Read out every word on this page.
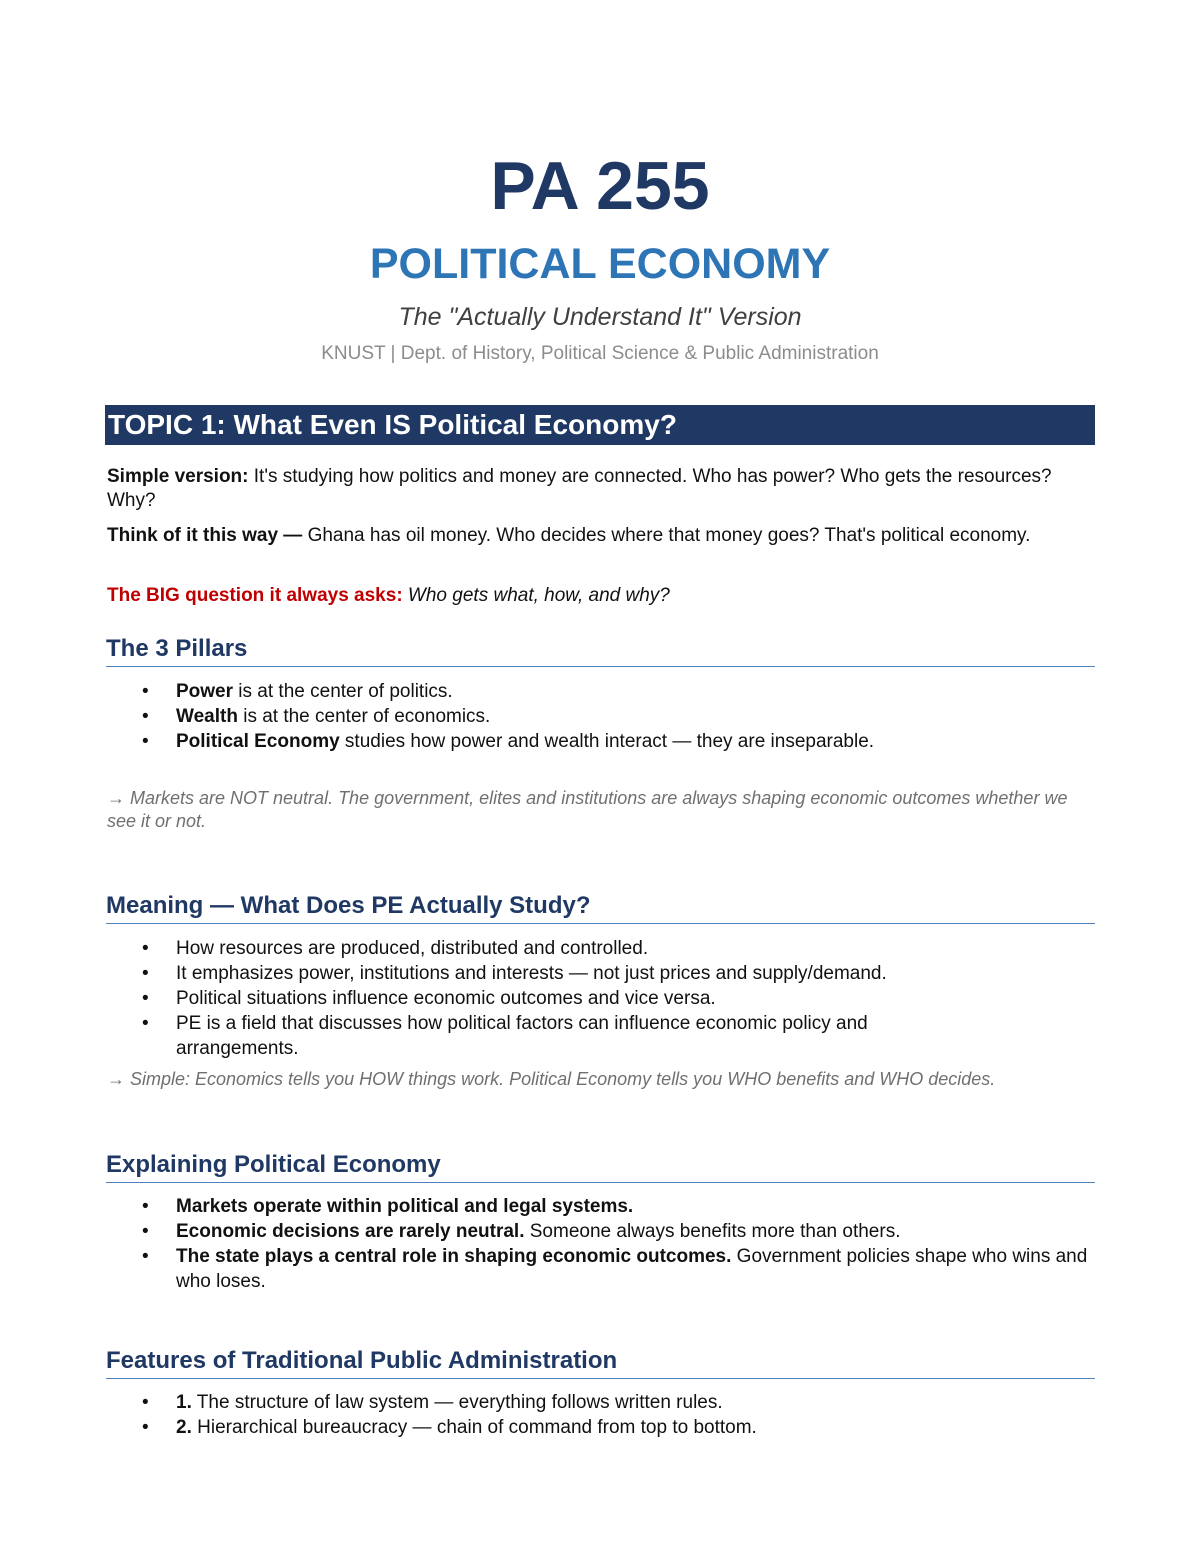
PA 255
POLITICAL ECONOMY
The "Actually Understand It" Version
KNUST | Dept. of History, Political Science & Public Administration
TOPIC 1: What Even IS Political Economy?
Simple version: It's studying how politics and money are connected. Who has power? Who gets the resources? Why?
Think of it this way — Ghana has oil money. Who decides where that money goes? That's political economy.
The BIG question it always asks: Who gets what, how, and why?
The 3 Pillars
• Power is at the center of politics.
• Wealth is at the center of economics.
• Political Economy studies how power and wealth interact — they are inseparable.
→ Markets are NOT neutral. The government, elites and institutions are always shaping economic outcomes whether we see it or not.
Meaning — What Does PE Actually Study?
• How resources are produced, distributed and controlled.
• It emphasizes power, institutions and interests — not just prices and supply/demand.
• Political situations influence economic outcomes and vice versa.
• PE is a field that discusses how political factors can influence economic policy and arrangements.
→ Simple: Economics tells you HOW things work. Political Economy tells you WHO benefits and WHO decides.
Explaining Political Economy
• Markets operate within political and legal systems.
• Economic decisions are rarely neutral. Someone always benefits more than others.
• The state plays a central role in shaping economic outcomes. Government policies shape who wins and who loses.
Features of Traditional Public Administration
• 1. The structure of law system — everything follows written rules.
• 2. Hierarchical bureaucracy — chain of command from top to bottom.
